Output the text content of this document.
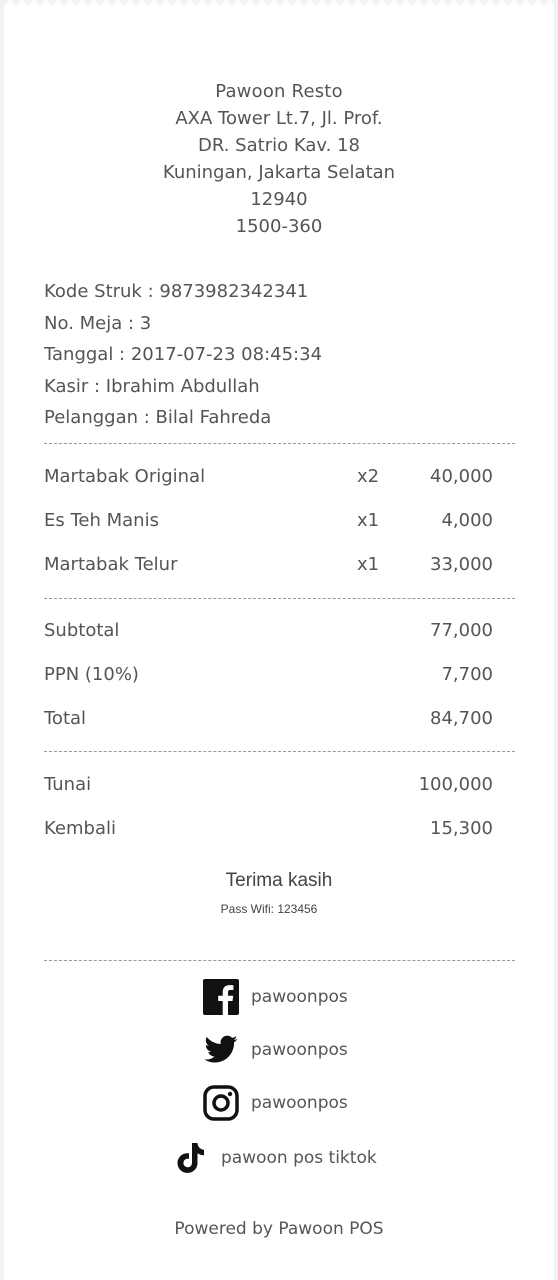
Pawoon Resto
AXA Tower Lt.7, Jl. Prof.
DR. Satrio Kav. 18
Kuningan, Jakarta Selatan
12940
1500-360
Kode Struk : 9873982342341
No. Meja : 3
Tanggal : 2017-07-23 08:45:34
Kasir : Ibrahim Abdullah
Pelanggan : Bilal Fahreda
Martabak Original	x2	40,000
Es Teh Manis	x1	4,000
Martabak Telur	x1	33,000
Subtotal	77,000
PPN (10%)	7,700
Total	84,700
Tunai	100,000
Kembali	15,300
Terima kasih
Pass Wifi: 123456
pawoonpos
pawoonpos
pawoonpos
pawoon pos tiktok
Powered by Pawoon POS
